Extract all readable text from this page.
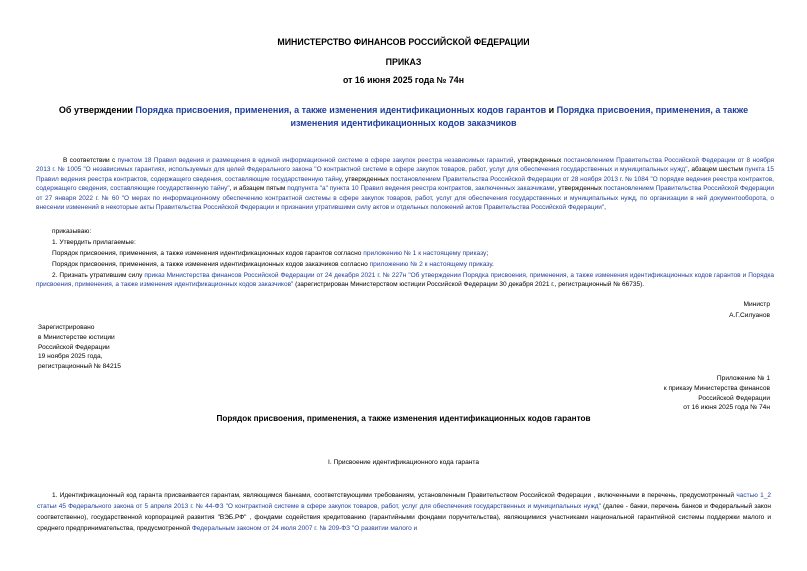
МИНИСТЕРСТВО ФИНАНСОВ РОССИЙСКОЙ ФЕДЕРАЦИИ
ПРИКАЗ
от 16 июня 2025 года № 74н
Об утверждении Порядка присвоения, применения, а также изменения идентификационных кодов гарантов и Порядка присвоения, применения, а также изменения идентификационных кодов заказчиков
В соответствии с пунктом 18 Правил ведения и размещения в единой информационной системе в сфере закупок реестра независимых гарантий, утвержденных постановлением Правительства Российской Федерации от 8 ноября 2013 г. № 1005 "О независимых гарантиях, используемых для целей Федерального закона "О контрактной системе в сфере закупок товаров, работ, услуг для обеспечения государственных и муниципальных нужд", абзацем шестым пункта 15 Правил ведения реестра контрактов, содержащего сведения, составляющие государственную тайну, утвержденных постановлением Правительства Российской Федерации от 28 ноября 2013 г. № 1084 "О порядке ведения реестра контрактов, содержащего сведения, составляющие государственную тайну", и абзацем пятым подпункта "а" пункта 10 Правил ведения реестра контрактов, заключенных заказчиками, утвержденных постановлением Правительства Российской Федерации от 27 января 2022 г. № 60 "О мерах по информационному обеспечению контрактной системы в сфере закупок товаров, работ, услуг для обеспечения государственных и муниципальных нужд, по организации в ней документооборота, о внесении изменений в некоторые акты Правительства Российской Федерации и признании утратившими силу актов и отдельных положений актов Правительства Российской Федерации",
приказываю:
1. Утвердить прилагаемые:
Порядок присвоения, применения, а также изменения идентификационных кодов гарантов согласно приложению № 1 к настоящему приказу;
Порядок присвоения, применения, а также изменения идентификационных кодов заказчиков согласно приложению № 2 к настоящему приказу.
2. Признать утратившим силу приказ Министерства финансов Российской Федерации от 24 декабря 2021 г. № 227н "Об утверждении Порядка присвоения, применения, а также изменения идентификационных кодов гарантов и Порядка присвоения, применения, а также изменения идентификационных кодов заказчиков" (зарегистрирован Министерством юстиции Российской Федерации 30 декабря 2021 г., регистрационный № 66735).
Министр
А.Г.Силуанов
Зарегистрировано
в Министерстве юстиции
Российской Федерации
19 ноября 2025 года,
регистрационный № 84215
Приложение № 1
к приказу Министерства финансов
Российской Федерации
от 16 июня 2025 года № 74н
Порядок присвоения, применения, а также изменения идентификационных кодов гарантов
I. Присвоение идентификационного кода гаранта
1. Идентификационный код гаранта присваивается гарантам, являющимся банками, соответствующими требованиям, установленным Правительством Российской Федерации , включенными в перечень, предусмотренный частью 1_2 статьи 45 Федерального закона от 5 апреля 2013 г. № 44-ФЗ "О контрактной системе в сфере закупок товаров, работ, услуг для обеспечения государственных и муниципальных нужд" (далее - банки, перечень банков и Федеральный закон соответственно), государственной корпорацией развития "ВЭБ.РФ" , фондами содействия кредитованию (гарантийными фондами поручительства), являющимися участниками национальной гарантийной системы поддержки малого и среднего предпринимательства, предусмотренной Федеральным законом от 24 июля 2007 г. № 209-ФЗ "О развитии малого и
